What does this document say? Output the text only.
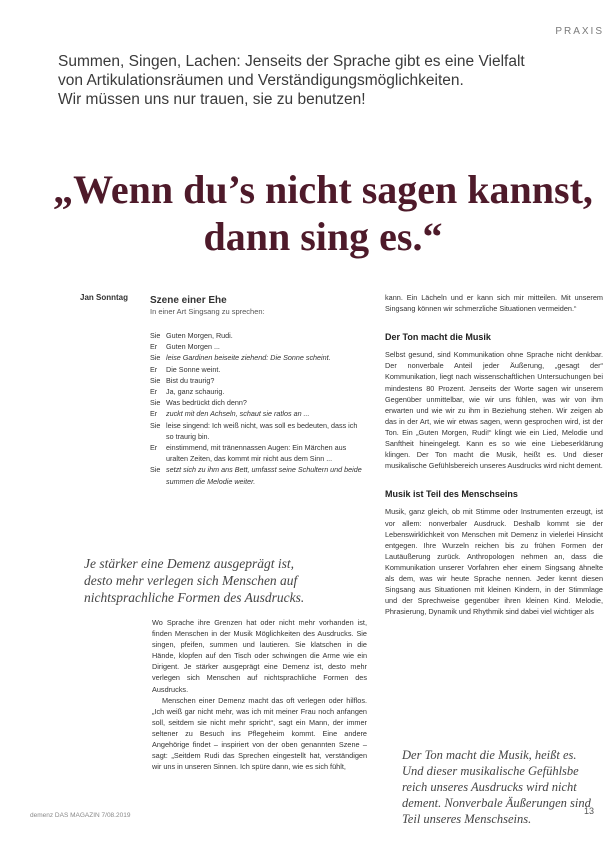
PRAXIS
Summen, Singen, Lachen: Jenseits der Sprache gibt es eine Vielfalt
von Artikulationsräumen und Verständigungsmöglichkeiten.
Wir müssen uns nur trauen, sie zu benutzen!
„Wenn du’s nicht sagen kannst,
dann sing es.“
Jan Sonntag Szene einer Ehe
In einer Art Singsang zu sprechen:
Sie Guten Morgen, Rudi.
Er	Guten Morgen ...
Sie leise Gardinen beiseite ziehend: Die Sonne scheint.
Er	Die Sonne weint.
Sie Bist du traurig?
Er	Ja, ganz schaurig.
Sie Was bedrückt dich denn?
Er	zuckt mit den Achseln, schaut sie ratlos an ...
Sie leise singend: Ich weiß nicht, was soll es bedeuten, dass ich so traurig bin.
Er	einstimmend, mit tränennassen Augen: Ein Märchen aus uralten Zeiten, das kommt mir nicht aus dem Sinn ...
Sie setzt sich zu ihm ans Bett, umfasst seine Schultern und beide summen die Melodie weiter.
Je stärker eine Demenz ausgeprägt ist,
desto mehr verlegen sich Menschen auf
nichtsprachliche Formen des Ausdrucks.

Wo Sprache ihre Grenzen hat oder nicht mehr vorhanden ist, finden Menschen in der Musik Möglichkeiten des Ausdrucks. Sie singen, pfeifen, summen und lautieren. Sie klatschen in die Hände, klopfen auf den Tisch oder schwingen die Arme wie ein Dirigent. Je stärker ausgeprägt eine Demenz ist, desto mehr verlegen sich Menschen auf nichtsprachliche Formen des Ausdrucks.

Menschen einer Demenz macht das oft verlegen oder hilflos. „Ich weiß gar nicht mehr, was ich mit meiner Frau noch anfangen soll, seitdem sie nicht mehr spricht“, sagt ein Mann, der immer seltener zu Besuch ins Pflegeheim kommt. Eine andere Angehörige findet – inspiriert von der oben genannten Szene – sagt: „Seitdem Rudi das Sprechen eingestellt hat, verständigen wir uns in unseren Sinnen. Ich spüre dann, wie es sich fühlt,

kann. Ein Lächeln und er kann sich mir mitteilen. Mit unserem Singsang können wir schmerzliche Situationen vermeiden.“

Der Ton macht die Musik

Selbst gesund, sind Kommunikation ohne Sprache nicht denkbar. Der nonverbale Anteil jeder Äußerung, „gesagt der“ Kommunikation, liegt nach wissenschaftlichen Untersuchungen bei mindestens 80 Prozent. Jenseits der Worte sagen wir unserem Gegenüber unmittelbar, wie wir uns fühlen, was wir von ihm erwarten und wie wir zu ihm in Beziehung stehen. Wir zeigen ab das in der Art, wie wir etwas sagen, wenn gesprochen wird, ist der Ton. Ein „Guten Morgen, Rudi!“ klingt wie ein Lied, Melodie und Sanftheit hineingelegt. Kann es so wie eine Liebeserklärung klingen. Der Ton macht die Musik, heißt es. Und dieser musikalische Gefühlsbereich unseres Ausdrucks wird nicht dement.

Musik ist Teil des Menschseins

Musik, ganz gleich, ob mit Stimme oder Instrumenten erzeugt, ist vor allem: nonverbaler Ausdruck. Deshalb kommt sie der Lebenswirklichkeit von Menschen mit Demenz in vielerlei Hinsicht entgegen. Ihre Wurzeln reichen bis zu frühen Formen der Lautäußerung zurück. Anthropologen nehmen an, dass die Kommunikation unserer Vorfahren eher einem Singsang ähnelte als dem, was wir heute Sprache nennen. Jeder kennt diesen Singsang aus Situationen mit kleinen Kindern, in der Stimmlage und der Sprechweise gegenüber ihren kleinen Kind. Melodie, Phrasierung, Dynamik und Rhythmik sind dabei viel wichtiger als

Der Ton macht die Musik, heißt es.
Und dieser musikalische Gefühlsbe
reich unseres Ausdrucks wird nicht
dement. Nonverbale Äußerungen sind
Teil unseres Menschseins.
demenz DAS MAGAZIN 7/08.2019	13
